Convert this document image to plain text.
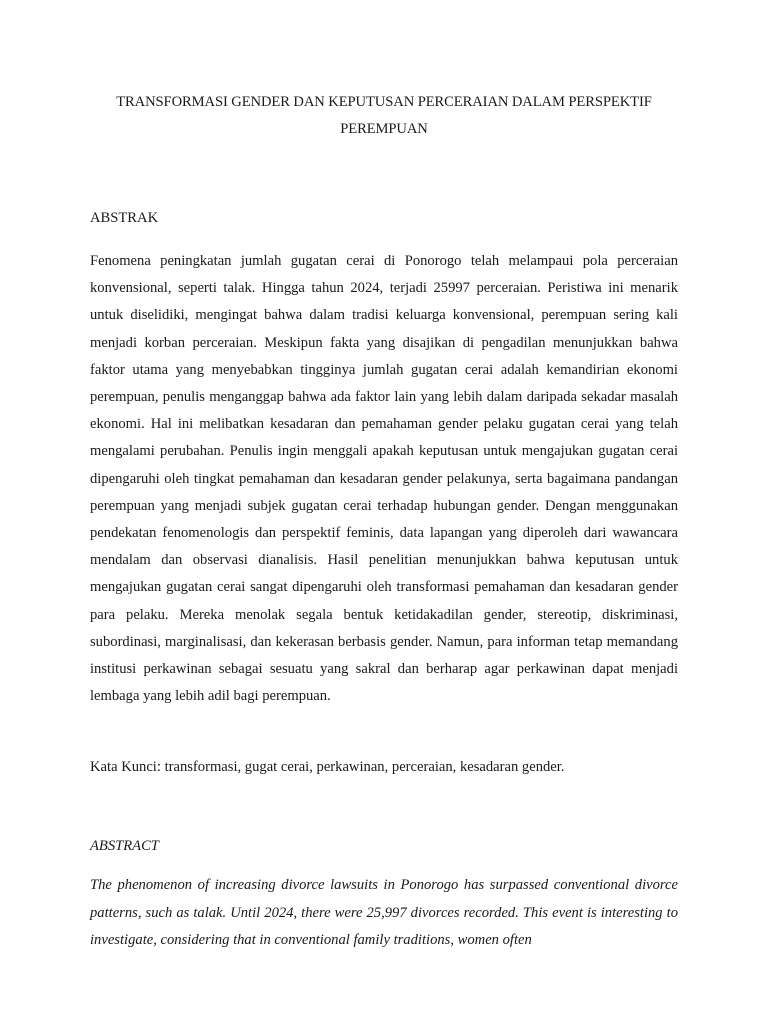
TRANSFORMASI GENDER DAN KEPUTUSAN PERCERAIAN DALAM PERSPEKTIF PEREMPUAN
ABSTRAK

Fenomena peningkatan jumlah gugatan cerai di Ponorogo telah melampaui pola perceraian konvensional, seperti talak. Hingga tahun 2024, terjadi 25997 perceraian. Peristiwa ini menarik untuk diselidiki, mengingat bahwa dalam tradisi keluarga konvensional, perempuan sering kali menjadi korban perceraian. Meskipun fakta yang disajikan di pengadilan menunjukkan bahwa faktor utama yang menyebabkan tingginya jumlah gugatan cerai adalah kemandirian ekonomi perempuan, penulis menganggap bahwa ada faktor lain yang lebih dalam daripada sekadar masalah ekonomi. Hal ini melibatkan kesadaran dan pemahaman gender pelaku gugatan cerai yang telah mengalami perubahan. Penulis ingin menggali apakah keputusan untuk mengajukan gugatan cerai dipengaruhi oleh tingkat pemahaman dan kesadaran gender pelakunya, serta bagaimana pandangan perempuan yang menjadi subjek gugatan cerai terhadap hubungan gender. Dengan menggunakan pendekatan fenomenologis dan perspektif feminis, data lapangan yang diperoleh dari wawancara mendalam dan observasi dianalisis. Hasil penelitian menunjukkan bahwa keputusan untuk mengajukan gugatan cerai sangat dipengaruhi oleh transformasi pemahaman dan kesadaran gender para pelaku. Mereka menolak segala bentuk ketidakadilan gender, stereotip, diskriminasi, subordinasi, marginalisasi, dan kekerasan berbasis gender. Namun, para informan tetap memandang institusi perkawinan sebagai sesuatu yang sakral dan berharap agar perkawinan dapat menjadi lembaga yang lebih adil bagi perempuan.

Kata Kunci: transformasi, gugat cerai, perkawinan, perceraian, kesadaran gender.

ABSTRACT

The phenomenon of increasing divorce lawsuits in Ponorogo has surpassed conventional divorce patterns, such as talak. Until 2024, there were 25,997 divorces recorded. This event is interesting to investigate, considering that in conventional family traditions, women often
